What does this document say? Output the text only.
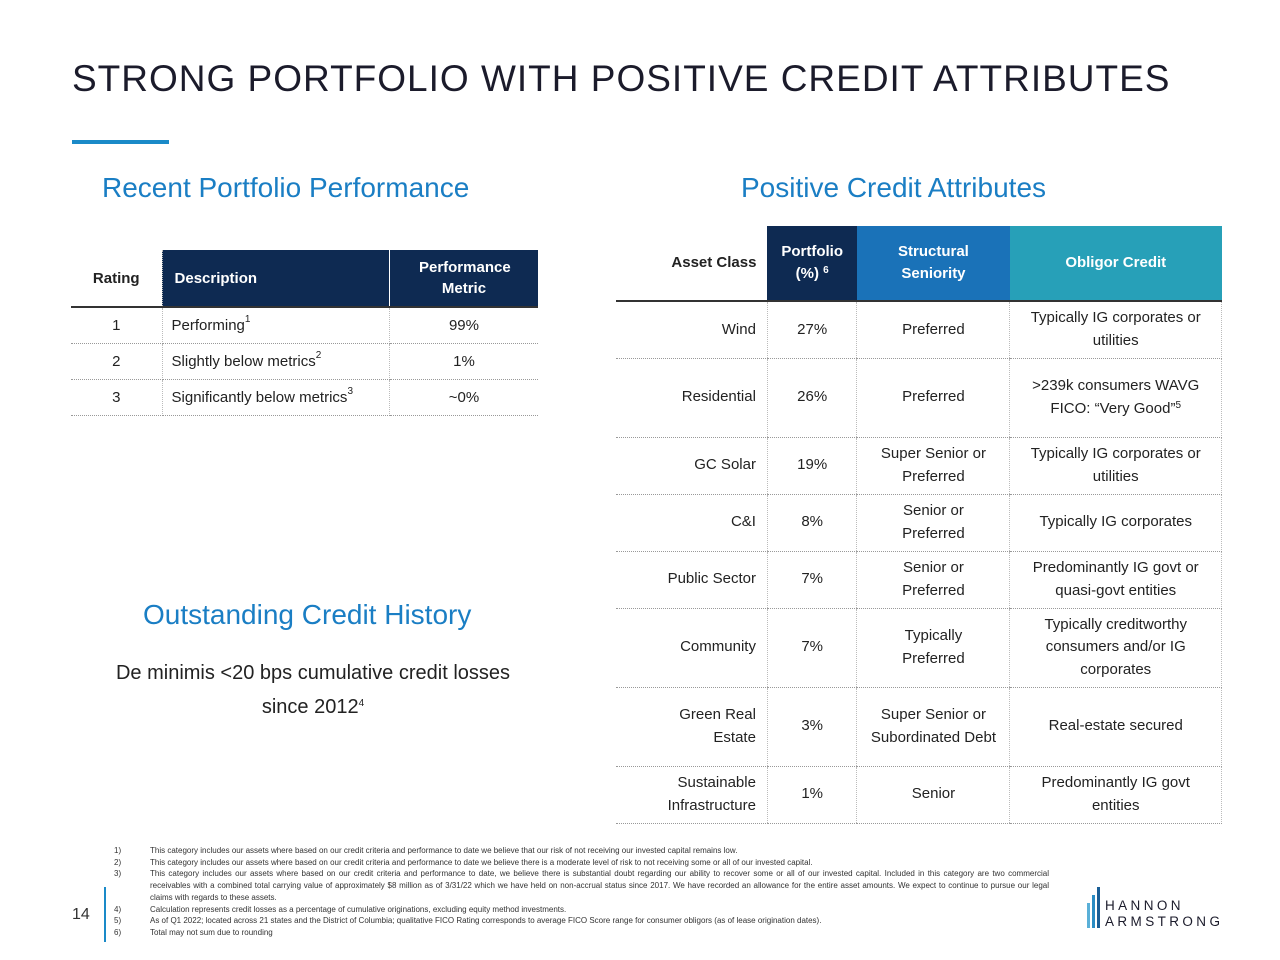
STRONG PORTFOLIO WITH POSITIVE CREDIT ATTRIBUTES
Recent Portfolio Performance	Positive Credit Attributes
Rating	Description	Performance Metric

1	Performing$^1$	99%
2	Slightly below metrics$^2$	1%
3	Significantly below metrics$^3$	~0%
Outstanding Credit History
De minimis <20 bps cumulative credit losses
since 2012$^4$
Asset Class	Portfolio (%) $^6$	Structural Seniority	Obligor Credit
Wind	27%	Preferred	Typically IG corporates or utilities
Residential	26%	Preferred	>239k consumers WAVG FICO: “Very Good”$^5$
GC Solar	19%	Super Senior or Preferred	Typically IG corporates or utilities
C&I	8%	Senior or Preferred	Typically IG corporates
Public Sector	7%	Senior or Preferred	Predominantly IG govt or quasi-govt entities
Community	7%	Typically Preferred	Typically creditworthy consumers and/or IG corporates

Green Real Estate	3%	Super Senior or Subordinated Debt	Real-estate secured

Sustainable Infrastructure	1%	Senior	Predominantly IG govt entities
1)	This category includes our assets where based on our credit criteria and performance to date we believe that our risk of not receiving our invested capital remains low.
2)	This category includes our assets where based on our credit criteria and performance to date we believe there is a moderate level of risk to not receiving some or all of our invested capital.
3)	This category includes our assets where based on our credit criteria and performance to date, we believe there is substantial doubt regarding our ability to recover some or all of our invested capital. Included in this category are two commercial receivables with a combined total carrying value of approximately $8 million as of 3/31/22 which we have held on non-accrual status since 2017. We have recorded an allowance for the entire asset amounts. We expect to continue to pursue our legal claims with regards to these assets.
4)	Calculation represents credit losses as a percentage of cumulative originations, excluding equity method investments.
5)	As of Q1 2022; located across 21 states and the District of Columbia; qualitative FICO Rating corresponds to average FICO Score range for consumer obligors (as of lease origination dates).
6)	Total may not sum due to rounding
14
HANNON
ARMSTRONG
